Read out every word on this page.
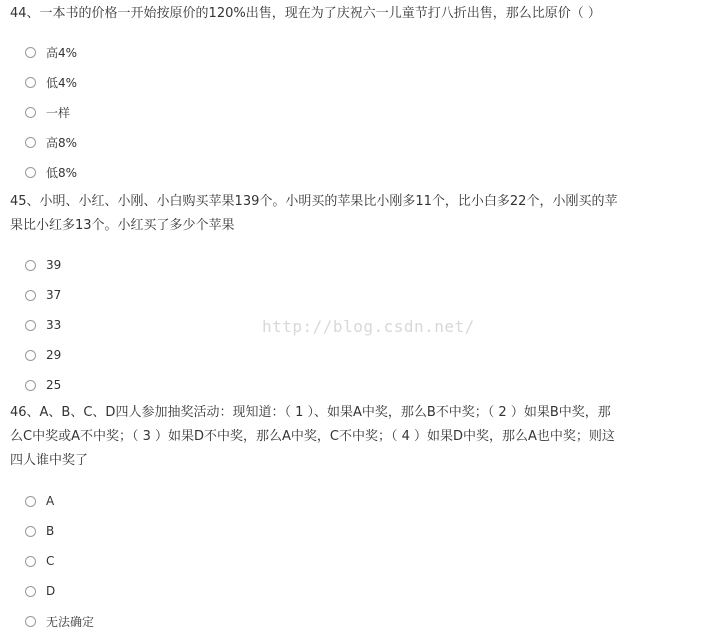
44、一本书的价格一开始按原价的120%出售，现在为了庆祝六一儿童节打八折出售，那么比原价（ ）

高4%
低4%
一样
高8%
低8%

45、小明、小红、小刚、小白购买苹果139个。小明买的苹果比小刚多11个，比小白多22个，小刚买的苹

果比小红多13个。小红买了多少个苹果

39
37
33
29
25

46、A、B、C、D四人参加抽奖活动：现知道：（ 1 ）、如果A中奖，那么B不中奖；（ 2 ）如果B中奖，那

么C中奖或A不中奖；（ 3 ）如果D不中奖，那么A中奖，C不中奖；（ 4 ）如果D中奖，那么A也中奖；则这

四人谁中奖了

A
B
C
D
无法确定
http://blog.csdn.net/
